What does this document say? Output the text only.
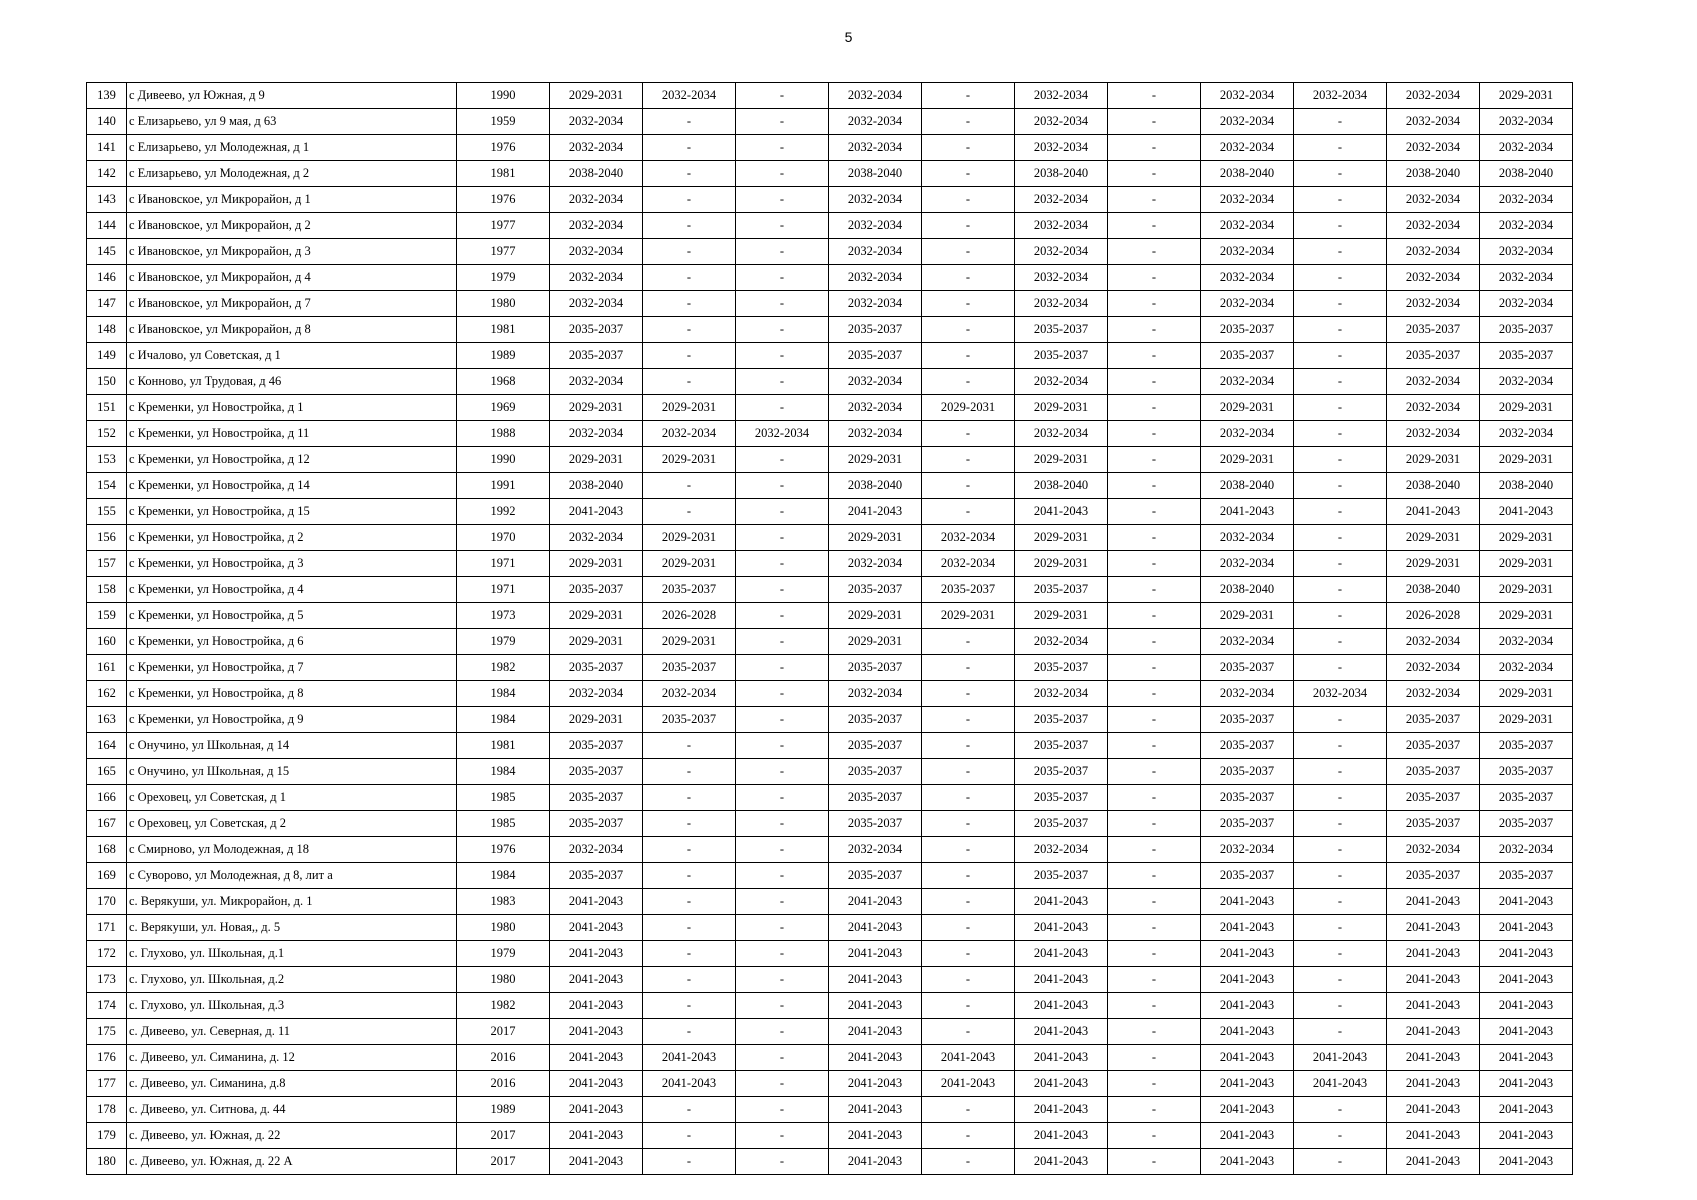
5
139	с Дивеево, ул Южная, д 9	1990	2029-2031	2032-2034	-	2032-2034	-	2032-2034	-	2032-2034	2032-2034	2032-2034	2029-2031
140	с Елизарьево, ул 9 мая, д 63	1959	2032-2034	-	-	2032-2034	-	2032-2034	-	2032-2034	-	2032-2034	2032-2034
141	с Елизарьево, ул Молодежная, д 1	1976	2032-2034	-	-	2032-2034	-	2032-2034	-	2032-2034	-	2032-2034	2032-2034
142	с Елизарьево, ул Молодежная, д 2	1981	2038-2040	-	-	2038-2040	-	2038-2040	-	2038-2040	-	2038-2040	2038-2040
143	с Ивановское, ул Микрорайон, д 1	1976	2032-2034	-	-	2032-2034	-	2032-2034	-	2032-2034	-	2032-2034	2032-2034
144	с Ивановское, ул Микрорайон, д 2	1977	2032-2034	-	-	2032-2034	-	2032-2034	-	2032-2034	-	2032-2034	2032-2034
145	с Ивановское, ул Микрорайон, д 3	1977	2032-2034	-	-	2032-2034	-	2032-2034	-	2032-2034	-	2032-2034	2032-2034
146	с Ивановское, ул Микрорайон, д 4	1979	2032-2034	-	-	2032-2034	-	2032-2034	-	2032-2034	-	2032-2034	2032-2034
147	с Ивановское, ул Микрорайон, д 7	1980	2032-2034	-	-	2032-2034	-	2032-2034	-	2032-2034	-	2032-2034	2032-2034
148	с Ивановское, ул Микрорайон, д 8	1981	2035-2037	-	-	2035-2037	-	2035-2037	-	2035-2037	-	2035-2037	2035-2037
149	с Ичалово, ул Советская, д 1	1989	2035-2037	-	-	2035-2037	-	2035-2037	-	2035-2037	-	2035-2037	2035-2037
150	с Конново, ул Трудовая, д 46	1968	2032-2034	-	-	2032-2034	-	2032-2034	-	2032-2034	-	2032-2034	2032-2034
151	с Кременки, ул Новостройка, д 1	1969	2029-2031	2029-2031	-	2032-2034	2029-2031	2029-2031	-	2029-2031	-	2032-2034	2029-2031
152	с Кременки, ул Новостройка, д 11	1988	2032-2034	2032-2034	2032-2034	2032-2034	-	2032-2034	-	2032-2034	-	2032-2034	2032-2034
153	с Кременки, ул Новостройка, д 12	1990	2029-2031	2029-2031	-	2029-2031	-	2029-2031	-	2029-2031	-	2029-2031	2029-2031
154	с Кременки, ул Новостройка, д 14	1991	2038-2040	-	-	2038-2040	-	2038-2040	-	2038-2040	-	2038-2040	2038-2040
155	с Кременки, ул Новостройка, д 15	1992	2041-2043	-	-	2041-2043	-	2041-2043	-	2041-2043	-	2041-2043	2041-2043
156	с Кременки, ул Новостройка, д 2	1970	2032-2034	2029-2031	-	2029-2031	2032-2034	2029-2031	-	2032-2034	-	2029-2031	2029-2031
157	с Кременки, ул Новостройка, д 3	1971	2029-2031	2029-2031	-	2032-2034	2032-2034	2029-2031	-	2032-2034	-	2029-2031	2029-2031
158	с Кременки, ул Новостройка, д 4	1971	2035-2037	2035-2037	-	2035-2037	2035-2037	2035-2037	-	2038-2040	-	2038-2040	2029-2031
159	с Кременки, ул Новостройка, д 5	1973	2029-2031	2026-2028	-	2029-2031	2029-2031	2029-2031	-	2029-2031	-	2026-2028	2029-2031
160	с Кременки, ул Новостройка, д 6	1979	2029-2031	2029-2031	-	2029-2031	-	2032-2034	-	2032-2034	-	2032-2034	2032-2034
161	с Кременки, ул Новостройка, д 7	1982	2035-2037	2035-2037	-	2035-2037	-	2035-2037	-	2035-2037	-	2032-2034	2032-2034
162	с Кременки, ул Новостройка, д 8	1984	2032-2034	2032-2034	-	2032-2034	-	2032-2034	-	2032-2034	2032-2034	2032-2034	2029-2031
163	с Кременки, ул Новостройка, д 9	1984	2029-2031	2035-2037	-	2035-2037	-	2035-2037	-	2035-2037	-	2035-2037	2029-2031
164	с Онучино, ул Школьная, д 14	1981	2035-2037	-	-	2035-2037	-	2035-2037	-	2035-2037	-	2035-2037	2035-2037
165	с Онучино, ул Школьная, д 15	1984	2035-2037	-	-	2035-2037	-	2035-2037	-	2035-2037	-	2035-2037	2035-2037
166	с Ореховец, ул Советская, д 1	1985	2035-2037	-	-	2035-2037	-	2035-2037	-	2035-2037	-	2035-2037	2035-2037
167	с Ореховец, ул Советская, д 2	1985	2035-2037	-	-	2035-2037	-	2035-2037	-	2035-2037	-	2035-2037	2035-2037
168	с Смирново, ул Молодежная, д 18	1976	2032-2034	-	-	2032-2034	-	2032-2034	-	2032-2034	-	2032-2034	2032-2034
169	с Суворово, ул Молодежная, д 8, лит а	1984	2035-2037	-	-	2035-2037	-	2035-2037	-	2035-2037	-	2035-2037	2035-2037
170	с. Верякуши, ул. Микрорайон, д. 1	1983	2041-2043	-	-	2041-2043	-	2041-2043	-	2041-2043	-	2041-2043	2041-2043
171	с. Верякуши, ул. Новая,, д. 5	1980	2041-2043	-	-	2041-2043	-	2041-2043	-	2041-2043	-	2041-2043	2041-2043
172	с. Глухово, ул. Школьная, д.1	1979	2041-2043	-	-	2041-2043	-	2041-2043	-	2041-2043	-	2041-2043	2041-2043
173	с. Глухово, ул. Школьная, д.2	1980	2041-2043	-	-	2041-2043	-	2041-2043	-	2041-2043	-	2041-2043	2041-2043
174	с. Глухово, ул. Школьная, д.3	1982	2041-2043	-	-	2041-2043	-	2041-2043	-	2041-2043	-	2041-2043	2041-2043
175	с. Дивеево, ул. Северная, д. 11	2017	2041-2043	-	-	2041-2043	-	2041-2043	-	2041-2043	-	2041-2043	2041-2043
176	с. Дивеево, ул. Симанина, д. 12	2016	2041-2043	2041-2043	-	2041-2043	2041-2043	2041-2043	-	2041-2043	2041-2043	2041-2043	2041-2043
177	с. Дивеево, ул. Симанина, д.8	2016	2041-2043	2041-2043	-	2041-2043	2041-2043	2041-2043	-	2041-2043	2041-2043	2041-2043	2041-2043
178	с. Дивеево, ул. Ситнова, д. 44	1989	2041-2043	-	-	2041-2043	-	2041-2043	-	2041-2043	-	2041-2043	2041-2043
179	с. Дивеево, ул. Южная, д. 22	2017	2041-2043	-	-	2041-2043	-	2041-2043	-	2041-2043	-	2041-2043	2041-2043
180	с. Дивеево, ул. Южная, д. 22 А	2017	2041-2043	-	-	2041-2043	-	2041-2043	-	2041-2043	-	2041-2043	2041-2043
